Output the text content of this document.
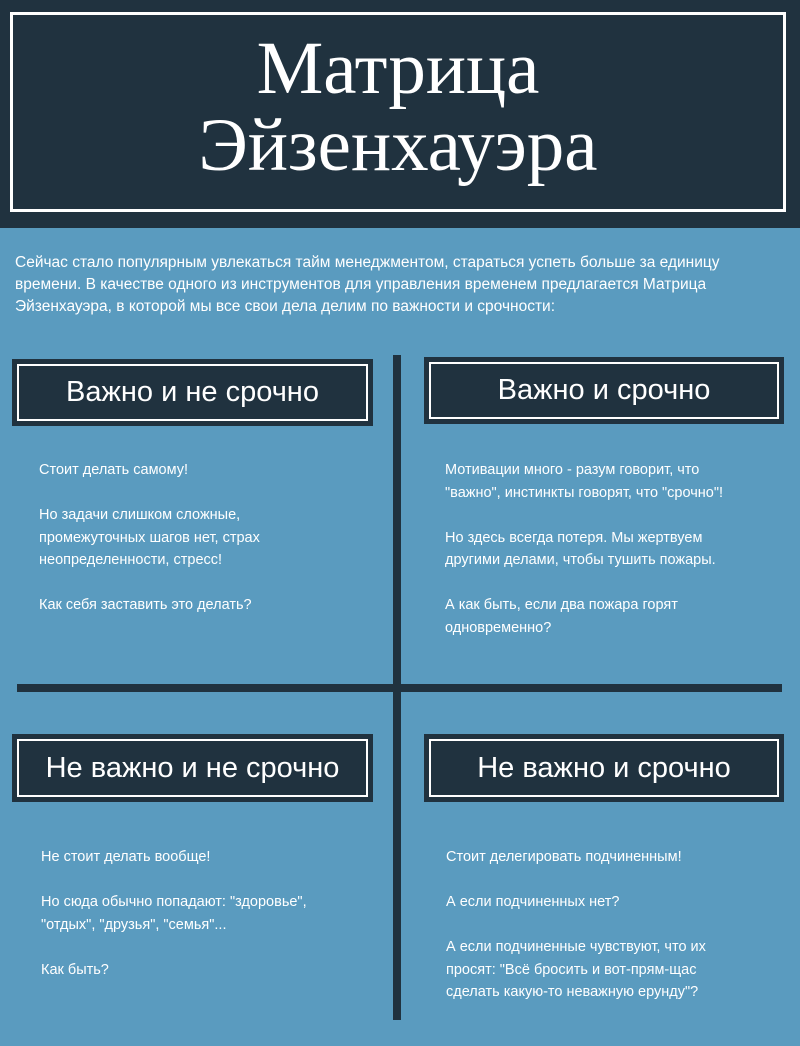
Матрица
Эйзенхауэра

Сейчас стало популярным увлекаться тайм менеджментом, стараться успеть больше за единицу времени. В качестве одного из инструментов для управления временем предлагается Матрица Эйзенхауэра, в которой мы все свои дела делим по важности и срочности:

Важно и не срочно

Стоит делать самому!

Но задачи слишком сложные, промежуточных шагов нет, страх неопределенности, стресс!

Как себя заставить это делать?

Важно и срочно

Мотивации много - разум говорит, что "важно", инстинкты говорят, что "срочно"!

Но здесь всегда потеря. Мы жертвуем другими делами, чтобы тушить пожары.

А как быть, если два пожара горят одновременно?

Не важно и не срочно

Не стоит делать вообще!

Но сюда обычно попадают: "здоровье", "отдых", "друзья", "семья"...

Как быть?

Не важно и срочно

Стоит делегировать подчиненным!

А если подчиненных нет?

А если подчиненные чувствуют, что их просят: "Всё бросить и вот-прям-щас сделать какую-то неважную ерунду"?
